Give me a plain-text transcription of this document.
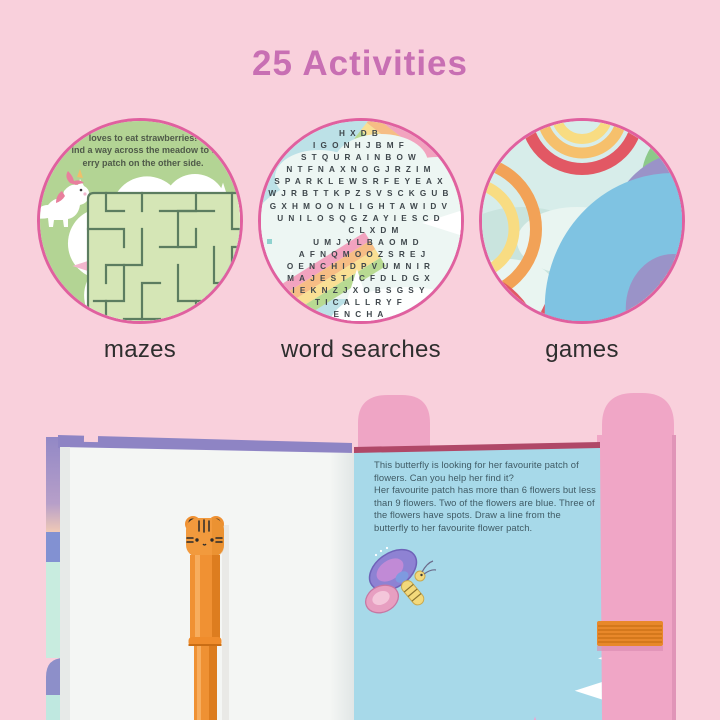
25 Activities
loves to eat strawberries!
ind a way across the meadow to t
erry patch on the other side.
HXDB
IGONHJBMF
STQURAINBOW
NTFNAXNOGJRZIM
SPARKLEWSRFEYEAX
WJRBTTKPZSVSCKGUB
GXHMOONLIGHTAWIDV
UNILOSQGZAYIESCD
CLXDM
UMJYLBAOMD
AFNQMOOZSREJ
OENCHIDPVUMNIR
MAJESTICFDLDGX
IEKNZJXOBSGSY
TICALLRYF
ENCHA
mazes	word searches	games
This butterfly is looking for her favourite patch of
flowers. Can you help her find it?
Her favourite patch has more than 6 flowers but less
than 9 flowers. Two of the flowers are blue. Three of
the flowers have spots. Draw a line from the
butterfly to her favourite flower patch.
